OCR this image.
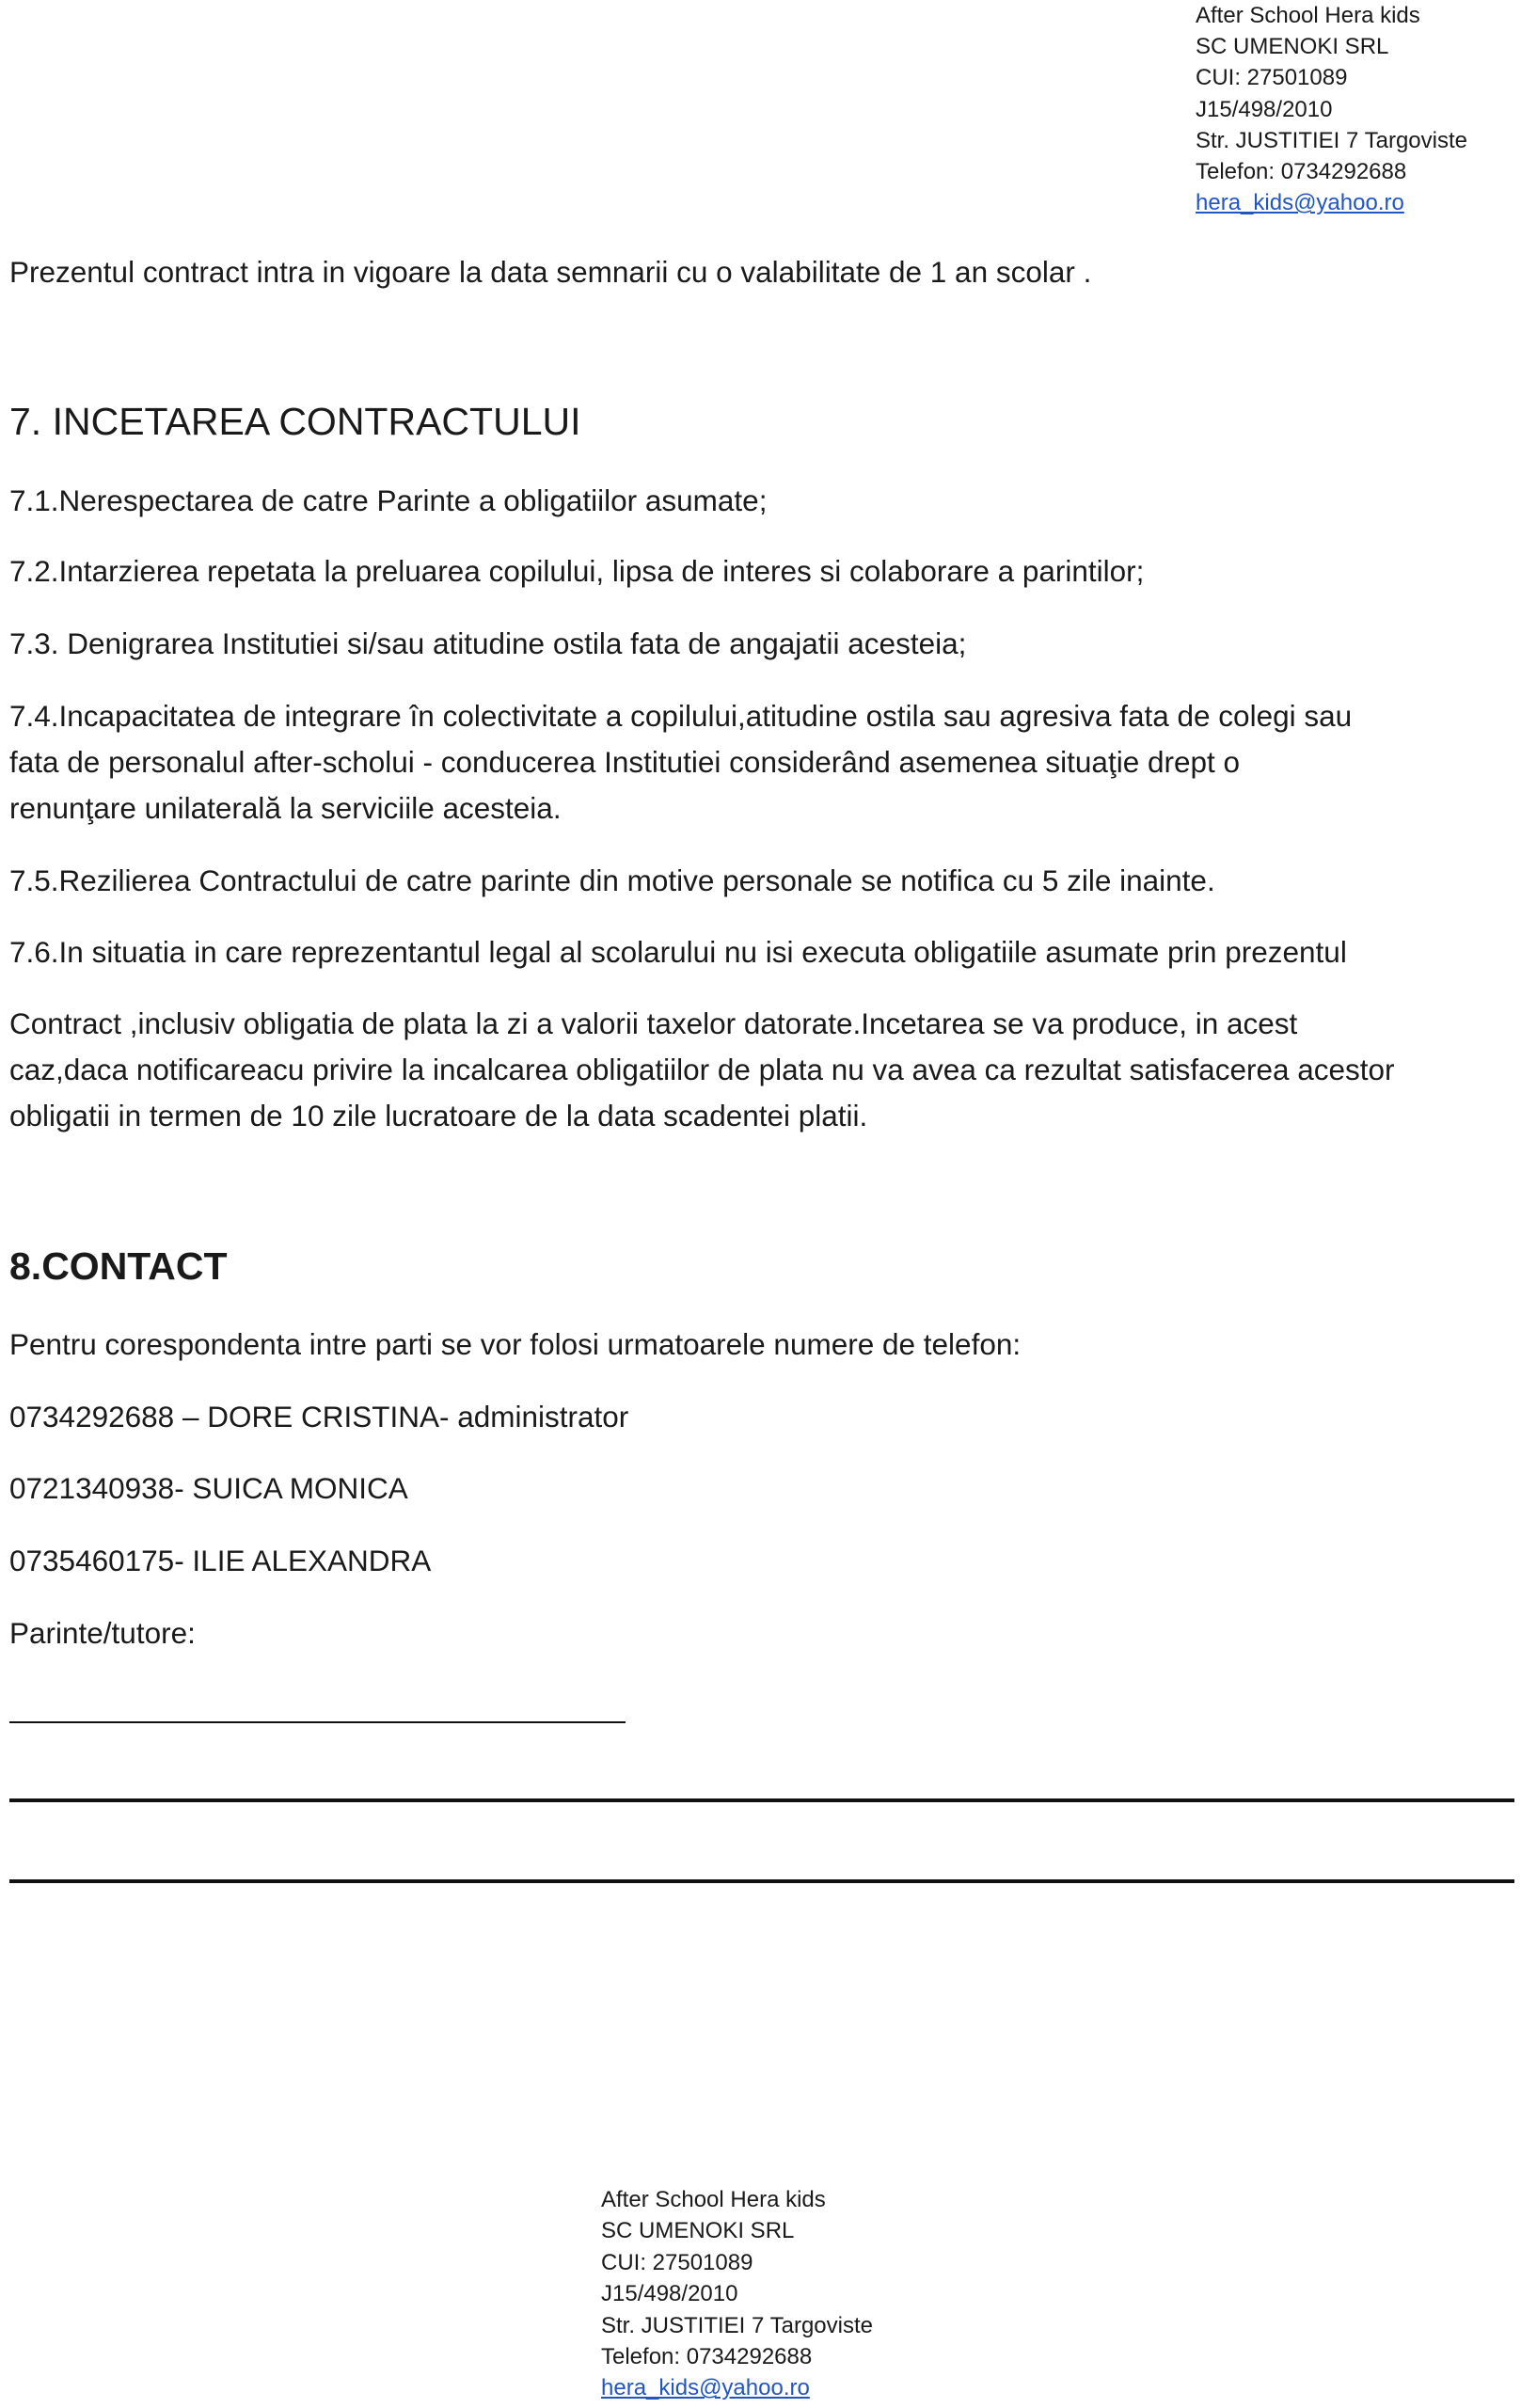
After School Hera kids
SC UMENOKI SRL
CUI: 27501089
J15/498/2010
Str. JUSTITIEI 7 Targoviste
Telefon: 0734292688
hera_kids@yahoo.ro
Prezentul contract intra in vigoare la data semnarii cu o valabilitate de 1 an scolar .
7. INCETAREA CONTRACTULUI
7.1.Nerespectarea de catre Parinte a obligatiilor asumate;
7.2.Intarzierea repetata la preluarea copilului, lipsa de interes si colaborare a parintilor;
7.3. Denigrarea Institutiei si/sau atitudine ostila fata de angajatii acesteia;
7.4.Incapacitatea de integrare în colectivitate a copilului,atitudine ostila sau agresiva fata de colegi sau
fata de personalul after-scholui - conducerea Institutiei considerând asemenea situaţie drept o
renunţare unilaterală la serviciile acesteia.
7.5.Rezilierea Contractului de catre parinte din motive personale se notifica cu 5 zile inainte.
7.6.In situatia in care reprezentantul legal al scolarului nu isi executa obligatiile asumate prin prezentul
Contract ,inclusiv obligatia de plata la zi a valorii taxelor datorate.Incetarea se va produce, in acest
caz,daca notificareacu privire la incalcarea obligatiilor de plata nu va avea ca rezultat satisfacerea acestor
obligatii in termen de 10 zile lucratoare de la data scadentei platii.
8.CONTACT
Pentru corespondenta intre parti se vor folosi urmatoarele numere de telefon:
0734292688 – DORE CRISTINA- administrator
0721340938- SUICA MONICA
0735460175- ILIE ALEXANDRA
Parinte/tutore:
After School Hera kids
SC UMENOKI SRL
CUI: 27501089
J15/498/2010
Str. JUSTITIEI 7 Targoviste
Telefon: 0734292688
hera_kids@yahoo.ro
